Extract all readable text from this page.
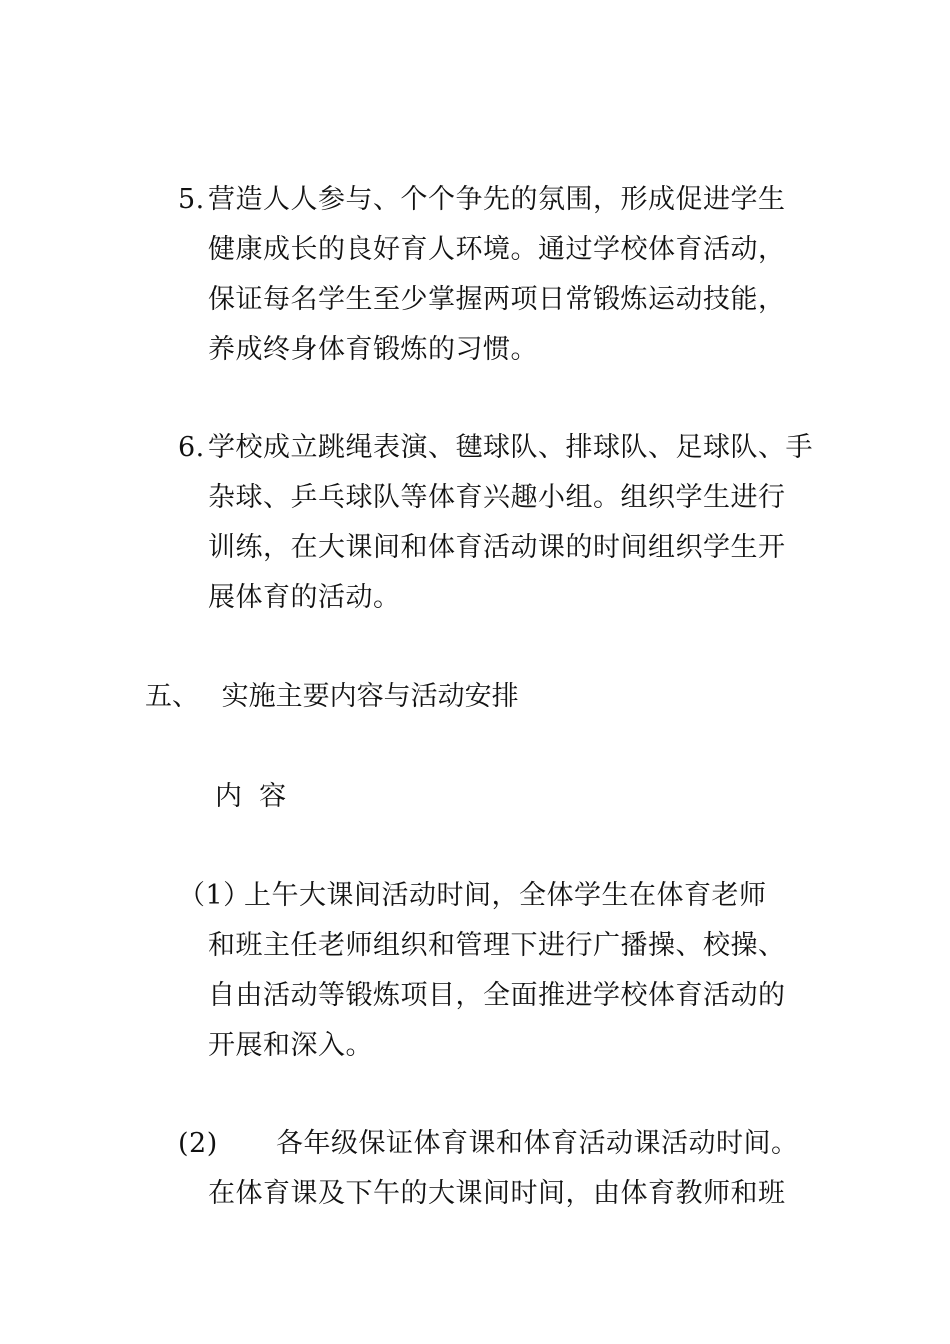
5. 营造人人参与、个个争先的氛围，形成促进学生
健康成长的良好育人环境。通过学校体育活动，
保证每名学生至少掌握两项日常锻炼运动技能，
养成终身体育锻炼的习惯。
6. 学校成立跳绳表演、毽球队、排球队、足球队、手
杂球、乒乓球队等体育兴趣小组。组织学生进行
训练，在大课间和体育活动课的时间组织学生开
展体育的活动。
五、 实施主要内容与活动安排
内  容
（1）
上午大课间活动时间，全体学生在体育老师
和班主任老师组织和管理下进行广播操、校操、
自由活动等锻炼项目，全面推进学校体育活动的
开展和深入。
(2)	各年级保证体育课和体育活动课活动时间。
在体育课及下午的大课间时间，由体育教师和班
